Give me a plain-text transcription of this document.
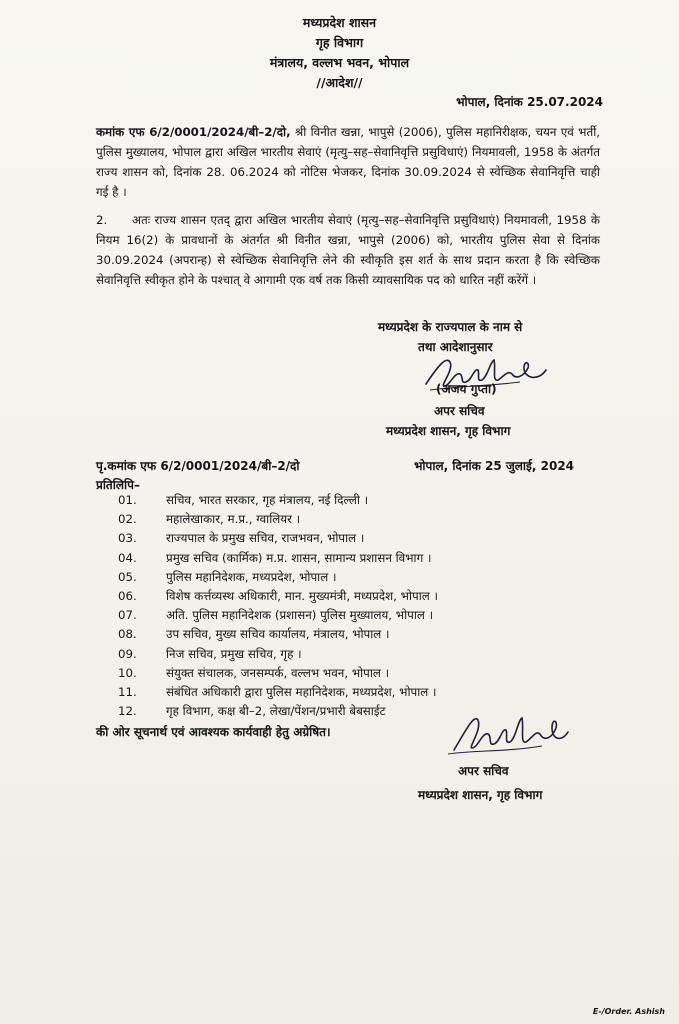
मध्यप्रदेश शासन
गृह विभाग
मंत्रालय, वल्लभ भवन, भोपाल
//आदेश//
भोपाल, दिनांक 25.07.2024
कमांक एफ 6/2/0001/2024/बी–2/दो, श्री विनीत खन्ना, भापुसे (2006), पुलिस महानिरीक्षक, चयन एवं भर्ती, पुलिस मुख्यालय, भोपाल द्वारा अखिल भारतीय सेवाएं (मृत्यु–सह–सेवानिवृत्ति प्रसुविधाएं) नियमावली, 1958 के अंतर्गत राज्य शासन को, दिनांक 28. 06.2024 को नोटिस भेजकर, दिनांक 30.09.2024 से स्वेच्छिक सेवानिवृत्ति चाही गई है ।
2. अतः राज्य शासन एतद् द्वारा अखिल भारतीय सेवाएं (मृत्यु–सह–सेवानिवृत्ति प्रसुविधाएं) नियमावली, 1958 के नियम 16(2) के प्रावधानों के अंतर्गत श्री विनीत खन्ना, भापुसे (2006) को, भारतीय पुलिस सेवा से दिनांक 30.09.2024 (अपरान्ह) से स्वेच्छिक सेवानिवृत्ति लेने की स्वीकृति इस शर्त के साथ प्रदान करता है कि स्वेच्छिक सेवानिवृत्ति स्वीकृत होने के पश्चात् वे आगामी एक वर्ष तक किसी व्यावसायिक पद को धारित नहीं करेंगें ।
मध्यप्रदेश के राज्यपाल के नाम से
तथा आदेशानुसार
(अजय गुप्ता)
अपर सचिव
मध्यप्रदेश शासन, गृह विभाग
पृ.कमांक एफ 6/2/0001/2024/बी–2/दो	भोपाल, दिनांक 25 जुलाई, 2024
प्रतिलिपि–
01. सचिव, भारत सरकार, गृह मंत्रालय, नई दिल्ली ।
02. महालेखाकार, म.प्र., ग्वालियर ।
03. राज्यपाल के प्रमुख सचिव, राजभवन, भोपाल ।
04. प्रमुख सचिव (कार्मिक) म.प्र. शासन, सामान्य प्रशासन विभाग ।
05. पुलिस महानिदेशक, मध्यप्रदेश, भोपाल ।
06. विशेष कर्त्तव्यस्थ अधिकारी, मान. मुख्यमंत्री, मध्यप्रदेश, भोपाल ।
07. अति. पुलिस महानिदेशक (प्रशासन) पुलिस मुख्यालय, भोपाल ।
08. उप सचिव, मुख्य सचिव कार्यालय, मंत्रालय, भोपाल ।
09. निज सचिव, प्रमुख सचिव, गृह ।
10. संयुक्त संचालक, जनसम्पर्क, वल्लभ भवन, भोपाल ।
11. संबंधित अधिकारी द्वारा पुलिस महानिदेशक, मध्यप्रदेश, भोपाल ।
12. गृह विभाग, कक्ष बी–2, लेखा/पेंशन/प्रभारी बेबसाईट
की ओर सूचनार्थ एवं आवश्यक कार्यवाही हेतु अग्रेषित।
अपर सचिव
मध्यप्रदेश शासन, गृह विभाग
E-/Order. Ashish
